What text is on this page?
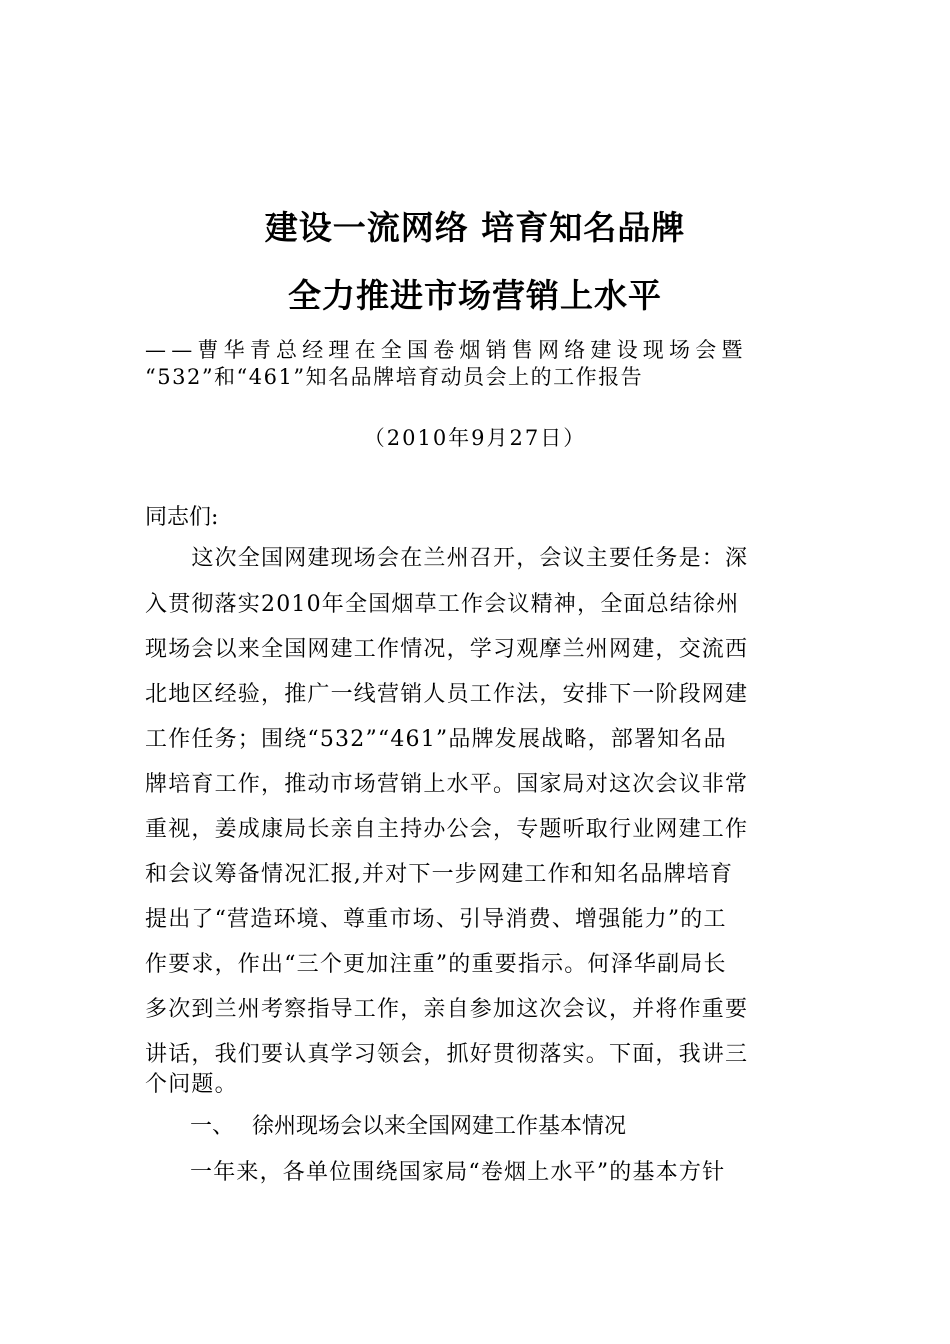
建设一流网络 培育知名品牌
全力推进市场营销上水平
——曹华青总经理在全国卷烟销售网络建设现场会暨
“532”和“461”知名品牌培育动员会上的工作报告
（2010年9月27日）
同志们:
　　这次全国网建现场会在兰州召开，会议主要任务是：深
入贯彻落实2010年全国烟草工作会议精神，全面总结徐州
现场会以来全国网建工作情况，学习观摩兰州网建，交流西
北地区经验，推广一线营销人员工作法，安排下一阶段网建
工作任务；围绕“532”“461”品牌发展战略，部署知名品
牌培育工作，推动市场营销上水平。国家局对这次会议非常
重视，姜成康局长亲自主持办公会，专题听取行业网建工作
和会议筹备情况汇报,并对下一步网建工作和知名品牌培育
提出了“营造环境、尊重市场、引导消费、增强能力”的工
作要求，作出“三个更加注重”的重要指示。何泽华副局长
多次到兰州考察指导工作，亲自参加这次会议，并将作重要
讲话，我们要认真学习领会，抓好贯彻落实。下面，我讲三
个问题。
一、 徐州现场会以来全国网建工作基本情况
一年来，各单位围绕国家局“卷烟上水平”的基本方针
